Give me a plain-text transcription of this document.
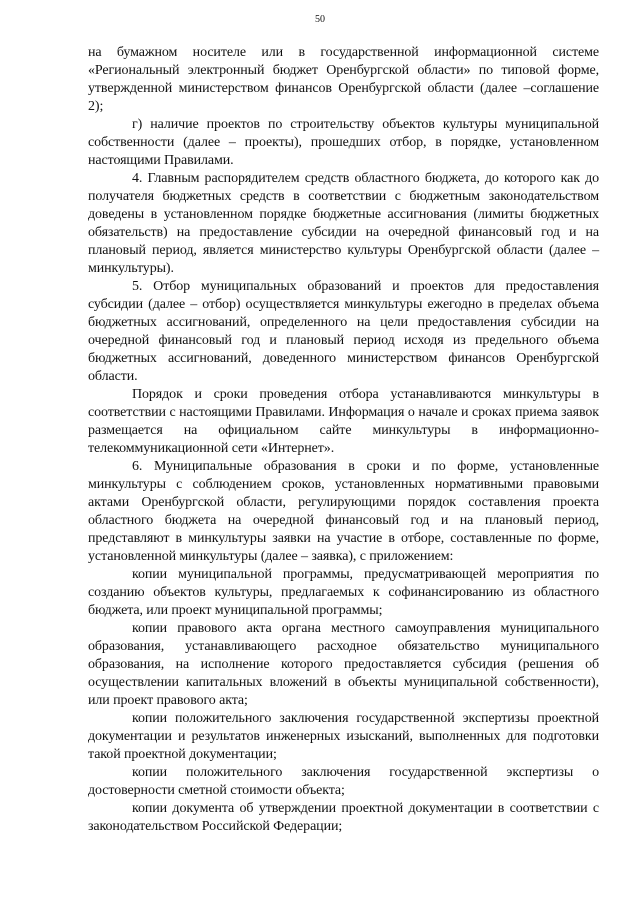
50

на бумажном носителе или в государственной информационной системе «Региональный электронный бюджет Оренбургской области» по типовой форме, утвержденной министерством финансов Оренбургской области (далее –соглашение 2);

г) наличие проектов по строительству объектов культуры муниципальной собственности (далее – проекты), прошедших отбор, в порядке, установленном настоящими Правилами.

4. Главным распорядителем средств областного бюджета, до которого как до получателя бюджетных средств в соответствии с бюджетным законодательством доведены в установленном порядке бюджетные ассигнования (лимиты бюджетных обязательств) на предоставление субсидии на очередной финансовый год и на плановый период, является министерство культуры Оренбургской области (далее – минкультуры).

5. Отбор муниципальных образований и проектов для предоставления субсидии (далее – отбор) осуществляется минкультуры ежегодно в пределах объема бюджетных ассигнований, определенного на цели предоставления субсидии на очередной финансовый год и плановый период исходя из предельного объема бюджетных ассигнований, доведенного министерством финансов Оренбургской области.

Порядок и сроки проведения отбора устанавливаются минкультуры в соответствии с настоящими Правилами. Информация о начале и сроках приема заявок размещается на официальном сайте минкультуры в информационно-телекоммуникационной сети «Интернет».

6. Муниципальные образования в сроки и по форме, установленные минкультуры с соблюдением сроков, установленных нормативными правовыми актами Оренбургской области, регулирующими порядок составления проекта областного бюджета на очередной финансовый год и на плановый период, представляют в минкультуры заявки на участие в отборе, составленные по форме, установленной минкультуры (далее – заявка), с приложением:

копии муниципальной программы, предусматривающей мероприятия по созданию объектов культуры, предлагаемых к софинансированию из областного бюджета, или проект муниципальной программы;

копии правового акта органа местного самоуправления муниципального образования, устанавливающего расходное обязательство муниципального образования, на исполнение которого предоставляется субсидия (решения об осуществлении капитальных вложений в объекты муниципальной собственности), или проект правового акта;

копии положительного заключения государственной экспертизы проектной документации и результатов инженерных изысканий, выполненных для подготовки такой проектной документации;

копии положительного заключения государственной экспертизы о достоверности сметной стоимости объекта;

копии документа об утверждении проектной документации в соответствии с законодательством Российской Федерации;
